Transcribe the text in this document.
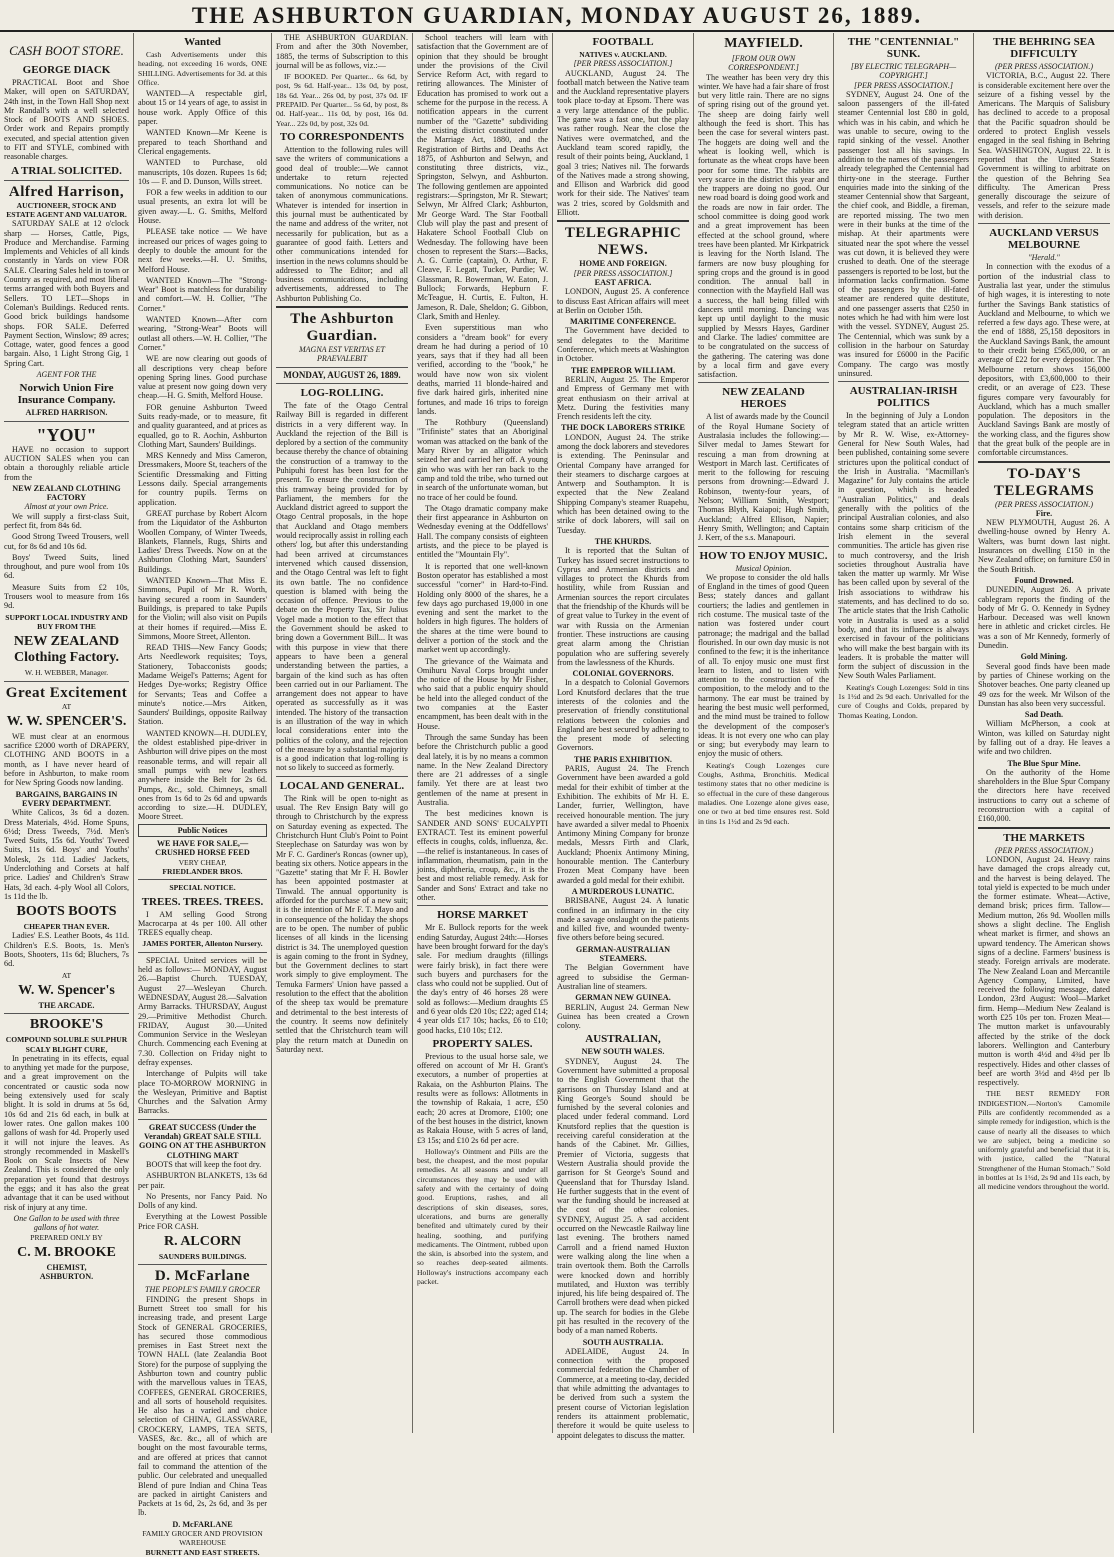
THE ASHBURTON GUARDIAN, MONDAY AUGUST 26, 1889.
CASH BOOT STORE.
GEORGE DIACK
PRACTICAL Boot and Shoe Maker, will open on SATURDAY, 24th inst, in the Town Hall Shop next Mr Randall's with a well selected Stock of BOOTS AND SHOES. Order work and Repairs promptly executed, and special attention given to FIT and STYLE, combined with reasonable charges.
A TRIAL SOLICITED.
Alfred Harrison,
AUCTIONEER, STOCK AND ESTATE AGENT AND VALUATOR.
SATURDAY SALE at 12 o'clock sharp — Horses, Cattle, Pigs, Produce and Merchandise. Farming Implements and Vehicles of all kinds constantly in Yards on view FOR SALE. Clearing Sales held in town or Country as required, and most liberal terms arranged with both Buyers and Sellers. TO LET—Shops in Coleman's Buildings. Reduced rents. Good brick buildings handsome shops. FOR SALE. Deferred Payment Section, Winslow; 89 acres; Cottage, water, good fences a good bargain. Also, 1 Light Strong Gig, 1 Spring Cart.
AGENT FOR THE
Norwich Union Fire Insurance Company.
ALFRED HARRISON.
"YOU"
HAVE no occasion to support AUCTION SALES when you can obtain a thoroughly reliable article from the
NEW ZEALAND CLOTHING FACTORY
Almost at your own Price.
We will supply a first-class Suit, perfect fit, from 84s 6d.
Good Strong Tweed Trousers, well cut, for 8s 6d and 10s 6d.
Boys' Tweed Suits, lined throughout, and pure wool from 10s 6d.
Measure Suits from £2 10s, Trousers wool to measure from 16s 9d.
SUPPORT LOCAL INDUSTRY AND BUY FROM THE
NEW ZEALAND Clothing Factory.
W. H. WEBBER, Manager.
Great Excitement
AT
W. W. SPENCER'S.
WE must clear at an enormous sacrifice £2000 worth of DRAPERY, CLOTHING AND BOOTS in a month, as I have never heard of before in Ashburton, to make room for New Spring Goods now landing.
BARGAINS, BARGAINS IN EVERY DEPARTMENT.
White Calicos, 3s 6d a dozen. Dress Materials, 4½d. Home Spuns, 6½d; Dress Tweeds, 7½d. Men's Tweed Suits, 15s 6d. Youths' Tweed Suits, 11s 6d. Boys' and Youths' Molesk, 2s 11d. Ladies' Jackets, Underclothing and Corsets at half price. Ladies' and Children's Straw Hats, 3d each. 4-ply Wool all Colors, 1s 11d the lb.
BOOTS BOOTS
CHEAPER THAN EVER.
Ladies' E.S. Leather Boots, 4s 11d. Children's E.S. Boots, 1s. Men's Boots, Shooters, 11s 6d; Bluchers, 7s 6d.
AT
W. W. Spencer's
THE ARCADE.
BROOKE'S
COMPOUND SOLUBLE SULPHUR SCALY BLIGHT CURE,
In penetrating in its effects, equal to anything yet made for the purpose, and a great improvement on the concentrated or caustic soda now being extensively used for scaly blight. It is sold in drums at 5s 6d, 10s 6d and 21s 6d each, in bulk at lower rates. One gallon makes 100 gallons of wash for 4d. Properly used it will not injure the leaves. As strongly recommended in Maskell's Book on Scale Insects of New Zealand. This is considered the only preparation yet found that destroys the eggs; and it has also the great advantage that it can be used without risk of injury at any time.
One Gallon to be used with three gallons of hot water.
PREPARED ONLY BY
C. M. BROOKE
CHEMIST,
ASHBURTON.
Wanted
Cash Advertisements under this heading, not exceeding 16 words, ONE SHILLING. Advertisements for 3d. at this Office.
WANTED—A respectable girl, about 15 or 14 years of age, to assist in house work. Apply Office of this paper.
WANTED Known—Mr Keene is prepared to teach Shorthand and Clerical engagements.
WANTED to Purchase, old manuscripts, 10s dozen. Rupees 1s 6d; 10s — F. and D. Dunson, Wills street.
FOR a few weeks in addition to our usual presents, an extra lot will be given away.—L. G. Smiths, Melford House.
PLEASE take notice — We have increased our prices of wages going to deeply to double the amount for the next few weeks.—H. U. Smiths, Melford House.
WANTED Known—The "Strong-Wear" Boot is matchless for durability and comfort.—W. H. Collier, "The Corner."
WANTED Known—After corn wearing, "Strong-Wear" Boots will outlast all others.—W. H. Collier, "The Corner."
WE are now clearing out goods of all descriptions very cheap before opening Spring lines. Good purchase value at present now going down very cheap.—H. G. Smith, Melford House.
FOR genuine Ashburton Tweed Suits ready-made, or to measure, fit and quality guaranteed, and at prices as equalled, go to R. Aochin, Ashburton Clothing Mart, Saunders' Buildings.
MRS Kennedy and Miss Cameron, Dressmakers, Moore St, teachers of the Scientific Dressmaking and Fitting Lessons daily. Special arrangements for country pupils. Terms on application.
GREAT purchase by Robert Alcorn from the Liquidator of the Ashburton Woollen Company, of Winter Tweeds, Blankets, Flannels, Rugs, Shirts and Ladies' Dress Tweeds. Now on at the Ashburton Clothing Mart, Saunders' Buildings.
WANTED Known—That Miss E. Simmons, Pupil of Mr R. Worth, having secured a room in Saunders' Buildings, is prepared to take Pupils for the Violin; will also visit on Pupils at their homes if required.—Miss E. Simmons, Moore Street, Allenton.
READ THIS—New Fancy Goods; Arts Needlework requisites; Toys, Stationery, Tobacconists goods; Madame Weigel's Patterns; Agent for Hedges Dye-works; Registry Office for Servants; Teas and Coffee a minute's notice.—Mrs Aitken, Saunders' Buildings, opposite Railway Station.
WANTED KNOWN—H. DUDLEY, the oldest established pipe-driver in Ashburton will drive pipes on the most reasonable terms, and will repair all small pumps with new leathers anywhere inside the Belt for 2s 6d. Pumps, &c., sold. Chimneys, small ones from 1s 6d to 2s 6d and upwards according to size.—H. DUDLEY, Moore Street.
Public Notices
WE HAVE FOR SALE,— CRUSHED HORSE FEED
VERY CHEAP,
FRIEDLANDER BROS.
SPECIAL NOTICE.
TREES. TREES. TREES.
I AM selling Good Strong Macrocarpa at 4s per 100. All other TREES equally cheap.
JAMES PORTER, Allenton Nursery.
SPECIAL United services will be held as follows:— MONDAY, August 26.—Baptist Church. TUESDAY, August 27—Wesleyan Church. WEDNESDAY, August 28.—Salvation Army Barracks. THURSDAY, August 29.—Primitive Methodist Church. FRIDAY, August 30.—United Communion Service in the Wesleyan Church. Commencing each Evening at 7.30. Collection on Friday night to defray expenses.
Interchange of Pulpits will take place TO-MORROW MORNING in the Wesleyan, Primitive and Baptist Churches and the Salvation Army Barracks.
GREAT SUCCESS (Under the Verandah) GREAT SALE STILL GOING ON AT THE ASHBURTON CLOTHING MART
BOOTS that will keep the foot dry.
ASHBURTON BLANKETS, 13s 6d per pair.
No Presents, nor Fancy Paid. No Dolls of any kind.
Everything at the Lowest Possible Price FOR CASH.
R. ALCORN
SAUNDERS BUILDINGS.
D. McFarlane
THE PEOPLE'S FAMILY GROCER
FINDING the present Shops in Burnett Street too small for his increasing trade, and present Large Stock of GENERAL GROCERIES, has secured those commodious premises in East Street next the TOWN HALL (late Zealandia Boot Store) for the purpose of supplying the Ashburton town and country public with the marvellous values in TEAS, COFFEES, GENERAL GROCERIES, and all sorts of household requisites. He also has a varied and choice selection of CHINA, GLASSWARE, CROCKERY, LAMPS, TEA SETS, VASES, &c. &c., all of which are bought on the most favourable terms, and are offered at prices that cannot fail to command the attention of the public. Our celebrated and unequalled Blend of pure Indian and China Teas are packed in airtight Canisters and Packets at 1s 6d, 2s, 2s 6d, and 3s per lb.
D. McFARLANE
FAMILY GROCER AND PROVISION WAREHOUSE
BURNETT AND EAST STREETS.
THE ASHBURTON GUARDIAN. From and after the 30th November, 1885, the terms of Subscription to this journal will be as follows, viz.:—
IF BOOKED. Per Quarter... 6s 6d, by post, 9s 6d. Half-year... 13s 0d, by post, 18s 6d. Year... 26s 0d, by post, 37s 0d. IF PREPAID. Per Quarter... 5s 6d, by post, 8s 0d. Half-year... 11s 0d, by post, 16s 0d. Year... 22s 0d, by post, 32s 0d.
TO CORRESPONDENTS
Attention to the following rules will save the writers of communications a good deal of trouble:—We cannot undertake to return rejected communications. No notice can be taken of anonymous communications. Whatever is intended for insertion in this journal must be authenticated by the name and address of the writer, not necessarily for publication, but as a guarantee of good faith. Letters and other communications intended for insertion in the news columns should be addressed to The Editor; and all business communications, including advertisements, addressed to The Ashburton Publishing Co.
The Ashburton Guardian.
MAGNA EST VERITAS ET PRAEVALEBIT
MONDAY, AUGUST 26, 1889.
LOG-ROLLING.
The fate of the Otago Central Railway Bill is regarded in different districts in a very different way. In Auckland the rejection of the Bill is deplored by a section of the community because thereby the chance of obtaining the construction of a tramway to the Puhipuhi forest has been lost for the present. To ensure the construction of this tramway being provided for by Parliament, the members for the Auckland district agreed to support the Otago Central proposals, in the hope that Auckland and Otago members would reciprocally assist in rolling each others' log, but after this understanding had been arrived at circumstances intervened which caused dissension, and the Otago Central was left to fight its own battle. The no confidence question is blamed with being the occasion of offence. Previous to the debate on the Property Tax, Sir Julius Vogel made a motion to the effect that the Government should be asked to bring down a Government Bill... It was with this purpose in view that there appears to have been a general understanding between the parties, a bargain of the kind such as has often been carried out in our Parliament. The arrangement does not appear to have operated as successfully as it was intended. The history of the transaction is an illustration of the way in which local considerations enter into the politics of the colony, and the rejection of the measure by a substantial majority is a good indication that log-rolling is not so likely to succeed as formerly.
LOCAL AND GENERAL.
The Rink will be open to-night as usual. The Rev Ensign Baty will go through to Christchurch by the express on Saturday evening as expected. The Christchurch Hunt Club's Point to Point Steeplechase on Saturday was won by Mr F. C. Gardiner's Roncas (owner up), beating six others. Notice appears in the "Gazette" stating that Mr F. H. Bowler has been appointed postmaster at Tinwald. The annual opportunity is afforded for the purchase of a new suit; it is the intention of Mr F. T. Mayo and in consequence of the holiday the shops are to be open. The number of public licenses of all kinds in the licensing district is 34. The unemployed question is again coming to the front in Sydney, but the Government declines to start work simply to give employment. The Temuka Farmers' Union have passed a resolution to the effect that the abolition of the sheep tax would be premature and detrimental to the best interests of the country. It seems now definitely settled that the Christchurch team will play the return match at Dunedin on Saturday next.
School teachers will learn with satisfaction that the Government are of opinion that they should be brought under the provisions of the Civil Service Reform Act, with regard to retiring allowances. The Minister of Education has promised to work out a scheme for the purpose in the recess. A notification appears in the current number of the "Gazette" subdividing the existing district constituted under the Marriage Act, 1880, and the Registration of Births and Deaths Act 1875, of Ashburton and Selwyn, and constituting three districts, viz., Springston, Selwyn, and Ashburton. The following gentlemen are appointed registrars:—Springston, Mr R. Stewart; Selwyn, Mr Alfred Clark; Ashburton, Mr George Ward. The Star Football Club will play the past and present of Hakatere School Football Club on Wednesday. The following have been chosen to represent the Stars:—Backs, A. G. Currie (captain), O. Arthur, F. Cleave, F. Legatt, Tucker, Purdie; W. Glassman, R. Bowerman, W. Eaton, J. Bullock; Forwards, Hepburn F. McTeague, H. Curtis, E. Fulton, H. Jameson, R. Dale, Sheldon; G. Gibbon, Clark, Smith and Henley.
Even superstitious man who considers a "dream book" for every dream he had during a period of 10 years, says that if they had all been verified, according to the "book," he would have now won six violent deaths, married 11 blonde-haired and five dark haired girls, inherited nine fortunes, and made 16 trips to foreign lands.
The Rothbury (Queensland) "Trifiniste" states that an Aboriginal woman was attacked on the bank of the Mary River by an alligator which seized her and carried her off. A young gin who was with her ran back to the camp and told the tribe, who turned out in search of the unfortunate woman, but no trace of her could be found.
The Otago dramatic company make their first appearance in Ashburton on Wednesday evening at the Oddfellows' Hall. The company consists of eighteen artists, and the piece to be played is entitled the "Mountain Fly".
It is reported that one well-known Boston operator has established a most successful "corner" in Hard-to-Find. Holding only 8000 of the shares, he a few days ago purchased 19,000 in one evening and sent the market to the holders in high figures. The holders of the shares at the time were bound to deliver a portion of the stock and the market went up accordingly.
The grievance of the Waimata and Omihuru Naval Corps brought under the notice of the House by Mr Fisher, who said that a public enquiry should be held into the alleged conduct of the two companies at the Easter encampment, has been dealt with in the House.
Through the same Sunday has been before the Christchurch public a good deal lately, it is by no means a common name. In the New Zealand Directory there are 21 addresses of a single family. Yet there are at least two gentlemen of the name at present in Australia.
The best medicines known is SANDER AND SONS' EUCALYPTI EXTRACT. Test its eminent powerful effects in coughs, colds, influenza, &c.—the relief is instantaneous. In cases of inflammation, rheumatism, pain in the joints, diphtheria, croup, &c., it is the best and most reliable remedy. Ask for Sander and Sons' Extract and take no other.
HORSE MARKET
Mr E. Bullock reports for the week ending Saturday, August 24th:—Horses have been brought forward for the day's sale. For medium draughts (fillings were fairly brisk), in fact there were such buyers and purchasers for the class who could not be supplied. Out of the day's entry of 46 horses 28 were sold as follows:—Medium draughts £5 and 6 year olds £20 10s; £22; aged £14; 4 year olds £17 10s; hacks, £6 to £10; good hacks, £10 10s; £12.
PROPERTY SALES.
Previous to the usual horse sale, we offered on account of Mr H. Grant's executors, a number of properties at Rakaia, on the Ashburton Plains. The results were as follows: Allotments in the township of Rakaia, 1 acre, £50 each; 20 acres at Dromore, £100; one of the best houses in the district, known as Rakaia House, with 5 acres of land, £3 15s; and £10 2s 6d per acre.
Holloway's Ointment and Pills are the best, the cheapest, and the most popular remedies. At all seasons and under all circumstances they may be used with safety and with the certainty of doing good. Eruptions, rashes, and all descriptions of skin diseases, sores, ulcerations, and burns are generally benefited and ultimately cured by their healing, soothing, and purifying medicaments. The Ointment, rubbed upon the skin, is absorbed into the system, and so reaches deep-seated ailments. Holloway's instructions accompany each packet.
FOOTBALL
NATIVES v. AUCKLAND.
[PER PRESS ASSOCIATION.]
AUCKLAND, August 24. The football match between the Native team and the Auckland representative players took place to-day at Epsom. There was a very large attendance of the public. The game was a fast one, but the play was rather rough. Near the close the Natives were overmatched, and the Auckland team scored rapidly, the result of their points being, Auckland, 1 goal 3 tries; Natives nil. The forwards of the Natives made a strong showing, and Ellison and Warbrick did good work for their side. The Natives' team was 2 tries, scored by Goldsmith and Elliott.
TELEGRAPHIC NEWS.
HOME AND FOREIGN.
[PER PRESS ASSOCIATION.]
EAST AFRICA.
LONDON, August 25. A conference to discuss East African affairs will meet at Berlin on October 15th.
MARITIME CONFERENCE.
The Government have decided to send delegates to the Maritime Conference, which meets at Washington in October.
THE EMPEROR WILLIAM.
BERLIN, August 25. The Emperor and Empress of Germany met with great enthusiasm on their arrival at Metz. During the festivities many French residents left the city.
THE DOCK LABORERS STRIKE
LONDON, August 24. The strike among the dock laborers and stevedores is extending. The Peninsular and Oriental Company have arranged for their steamers to discharge cargoes at Antwerp and Southampton. It is expected that the New Zealand Shipping Company's steamer Ruapehu, which has been detained owing to the strike of dock laborers, will sail on Tuesday.
THE KHURDS.
It is reported that the Sultan of Turkey has issued secret instructions to Cyprus and Armenian districts and villages to protect the Khurds from hostility, while from Russian and Armenian sources the report circulates that the friendship of the Khurds will be of great value to Turkey in the event of war with Russia on the Armenian frontier. These instructions are causing great alarm among the Christian population who are suffering severely from the lawlessness of the Khurds.
COLONIAL GOVERNORS.
In a despatch to Colonial Governors Lord Knutsford declares that the true interests of the colonies and the preservation of friendly constitutional relations between the colonies and England are best secured by adhering to the present mode of selecting Governors.
THE PARIS EXHIBITION.
PARIS, August 24. The French Government have been awarded a gold medal for their exhibit of timber at the Exhibition. The exhibits of Mr H. E. Lander, furrier, Wellington, have received honourable mention. The jury have awarded a silver medal to Phoenix Antimony Mining Company for bronze medals, Messrs Firth and Clark, Auckland; Phoenix Antimony Mining, honourable mention. The Canterbury Frozen Meat Company have been awarded a gold medal for their exhibit.
A MURDEROUS LUNATIC.
BRISBANE, August 24. A lunatic confined in an infirmary in the city made a savage onslaught on the patients and killed five, and wounded twenty-five others before being secured.
GERMAN-AUSTRALIAN STEAMERS.
The Belgian Government have agreed to subsidise the German-Australian line of steamers.
GERMAN NEW GUINEA.
BERLIN, August 24. German New Guinea has been created a Crown colony.
AUSTRALIAN,
NEW SOUTH WALES.
SYDNEY, August 24. The Government have submitted a proposal to the English Government that the garrisons on Thursday Island and at King George's Sound should be furnished by the several colonies and placed under federal command. Lord Knutsford replies that the question is receiving careful consideration at the hands of the Cabinet. Mr. Gillies, Premier of Victoria, suggests that Western Australia should provide the garrison for St George's Sound and Queensland that for Thursday Island. He further suggests that in the event of war the funding should be increased at the cost of the other colonies. SYDNEY, August 25. A sad accident occurred on the Newcastle Railway line last evening. The brothers named Carroll and a friend named Huxton were walking along the line when a train overtook them. Both the Carrolls were knocked down and horribly mutilated, and Huxton was terribly injured, his life being despaired of. The Carroll brothers were dead when picked up. The search for bodies in the Glebe pit has resulted in the recovery of the body of a man named Roberts.
SOUTH AUSTRALIA.
ADELAIDE, August 24. In connection with the proposed commercial federation the Chamber of Commerce, at a meeting to-day, decided that while admitting the advantages to be derived from such a system the present course of Victorian legislation renders its attainment problematic, therefore it would be quite useless to appoint delegates to discuss the matter.
MAYFIELD.
[FROM OUR OWN CORRESPONDENT.]
The weather has been very dry this winter. We have had a fair share of frost but very little rain. There are no signs of spring rising out of the ground yet. The sheep are doing fairly well although the feed is short. This has been the case for several winters past. The hoggets are doing well and the wheat is looking well, which is fortunate as the wheat crops have been poor for some time. The rabbits are very scarce in the district this year and the trappers are doing no good. Our new road board is doing good work and the roads are now in fair order. The school committee is doing good work and a great improvement has been effected at the school ground, where trees have been planted. Mr Kirkpatrick is leaving for the North Island. The farmers are now busy ploughing for spring crops and the ground is in good condition. The annual ball in connection with the Mayfield Hall was a success, the hall being filled with dancers until morning. Dancing was kept up until daylight to the music supplied by Messrs Hayes, Gardiner and Clarke. The ladies' committee are to be congratulated on the success of the gathering. The catering was done by a local firm and gave every satisfaction.
NEW ZEALAND HEROES
A list of awards made by the Council of the Royal Humane Society of Australasia includes the following:—Silver medal to James Stewart for rescuing a man from drowning at Westport in March last. Certificates of merit to the following for rescuing persons from drowning:—Edward J. Robinson, twenty-four years, of Nelson; William Smith, Westport; Thomas Blyth, Kaiapoi; Hugh Smith, Auckland; Alfred Ellison, Napier; Henry Smith, Wellington; and Captain J. Kerr, of the s.s. Manapouri.
HOW TO ENJOY MUSIC.
Musical Opinion.
We propose to consider the old halls of England in the times of good Queen Bess; stately dances and gallant courtiers; the ladies and gentlemen in rich costume. The musical taste of the nation was fostered under court patronage; the madrigal and the ballad flourished. In our own day music is not confined to the few; it is the inheritance of all. To enjoy music one must first learn to listen, and to listen with attention to the construction of the composition, to the melody and to the harmony. The ear must be trained by hearing the best music well performed, and the mind must be trained to follow the development of the composer's ideas. It is not every one who can play or sing; but everybody may learn to enjoy the music of others.
Keating's Cough Lozenges cure Coughs, Asthma, Bronchitis. Medical testimony states that no other medicine is so effectual in the cure of these dangerous maladies. One Lozenge alone gives ease, one or two at bed time ensures rest. Sold in tins 1s 1½d and 2s 9d each.
THE "CENTENNIAL" SUNK.
[BY ELECTRIC TELEGRAPH—COPYRIGHT.]
[PER PRESS ASSOCIATION.]
SYDNEY, August 24. One of the saloon passengers of the ill-fated steamer Centennial lost £80 in gold, which was in his cabin, and which he was unable to secure, owing to the rapid sinking of the vessel. Another passenger lost all his savings. In addition to the names of the passengers already telegraphed the Centennial had thirty-one in the steerage. Further enquiries made into the sinking of the steamer Centennial show that Sargeant, the chief cook, and Biddle, a fireman, are reported missing. The two men were in their bunks at the time of the mishap. At their apartments were situated near the spot where the vessel was cut down, it is believed they were crushed to death. One of the steerage passengers is reported to be lost, but the information lacks confirmation. Some of the passengers by the ill-fated steamer are rendered quite destitute, and one passenger asserts that £250 in notes which he had with him were lost with the vessel. SYDNEY, August 25. The Centennial, which was sunk by a collision in the harbour on Saturday was insured for £6000 in the Pacific Company. The cargo was mostly uninsured.
AUSTRALIAN-IRISH POLITICS
In the beginning of July a London telegram stated that an article written by Mr R. W. Wise, ex-Attorney-General for New South Wales, had been published, containing some severe strictures upon the political conduct of the Irish in Australia. "Macmillan's Magazine" for July contains the article in question, which is headed "Australian Politics," and deals generally with the politics of the principal Australian colonies, and also contains some sharp criticism of the Irish element in the several communities. The article has given rise to much controversy, and the Irish societies throughout Australia have taken the matter up warmly. Mr Wise has been called upon by several of the Irish associations to withdraw his statements, and has declined to do so. The article states that the Irish Catholic vote in Australia is used as a solid body, and that its influence is always exercised in favour of the politicians who will make the best bargain with its leaders. It is probable the matter will form the subject of discussion in the New South Wales Parliament.
Keating's Cough Lozenges: Sold in tins 1s 1½d and 2s 9d each. Unrivalled for the cure of Coughs and Colds, prepared by Thomas Keating, London.
THE BEHRING SEA DIFFICULTY
(PER PRESS ASSOCIATION.)
VICTORIA, B.C., August 22. There is considerable excitement here over the seizure of a fishing vessel by the Americans. The Marquis of Salisbury has declined to accede to a proposal that the Pacific squadron should be ordered to protect English vessels engaged in the seal fishing in Behring Sea. WASHINGTON, August 22. It is reported that the United States Government is willing to arbitrate on the question of the Behring Sea difficulty. The American Press generally discourage the seizure of vessels, and refer to the seizure made with derision.
AUCKLAND VERSUS MELBOURNE
"Herald."
In connection with the exodus of a portion of the industrial class to Australia last year, under the stimulus of high wages, it is interesting to note further the Savings Bank statistics of Auckland and Melbourne, to which we referred a few days ago. These were, at the end of 1888, 25,158 depositors in the Auckland Savings Bank, the amount to their credit being £565,000, or an average of £22 for every depositor. The Melbourne return shows 156,000 depositors, with £3,600,000 to their credit, or an average of £23. These figures compare very favourably for Auckland, which has a much smaller population. The depositors in the Auckland Savings Bank are mostly of the working class, and the figures show that the great bulk of the people are in comfortable circumstances.
TO-DAY'S TELEGRAMS
(PER PRESS ASSOCIATION.)
Fire.
NEW PLYMOUTH, August 26. A dwelling-house owned by Henry A. Walters, was burnt down last night. Insurances on dwelling £150 in the New Zealand office; on furniture £50 in the South British.
Found Drowned.
DUNEDIN, August 26. A private cablegram reports the finding of the body of Mr G. O. Kennedy in Sydney Harbour. Deceased was well known here in athletic and cricket circles. He was a son of Mr Kennedy, formerly of Dunedin.
Gold Mining.
Several good finds have been made by parties of Chinese working on the Shotover beaches. One party cleaned up 49 ozs for the week. Mr Wilson of the Dunstan has also been very successful.
Sad Death.
William McPherson, a cook at Winton, was killed on Saturday night by falling out of a dray. He leaves a wife and two children.
The Blue Spur Mine.
On the authority of the Home shareholders in the Blue Spur Company the directors here have received instructions to carry out a scheme of reconstruction with a capital of £160,000.
THE MARKETS
(PER PRESS ASSOCIATION.)
LONDON, August 24. Heavy rains have damaged the crops already cut, and the harvest is being delayed. The total yield is expected to be much under the former estimate. Wheat—Active, demand brisk; prices firm. Tallow—Medium mutton, 26s 9d. Woollen mills shows a slight decline. The English wheat market is firmer, and shows an upward tendency. The American shows signs of a decline. Farmers' business is steady. Foreign arrivals are moderate. The New Zealand Loan and Mercantile Agency Company, Limited, have received the following message, dated London, 23rd August: Wool—Market firm. Hemp—Medium New Zealand is worth £25 10s per ton. Frozen Meat—The mutton market is unfavourably affected by the strike of the dock laborers. Wellington and Canterbury mutton is worth 4½d and 4¾d per lb respectively. Hides and other classes of beef are worth 3½d and 4½d per lb respectively.
THE BEST REMEDY FOR INDIGESTION.—Norton's Camomile Pills are confidently recommended as a simple remedy for indigestion, which is the cause of nearly all the diseases to which we are subject, being a medicine so uniformly grateful and beneficial that it is, with justice, called the "Natural Strengthener of the Human Stomach." Sold in bottles at 1s 1½d, 2s 9d and 11s each, by all medicine vendors throughout the world.
